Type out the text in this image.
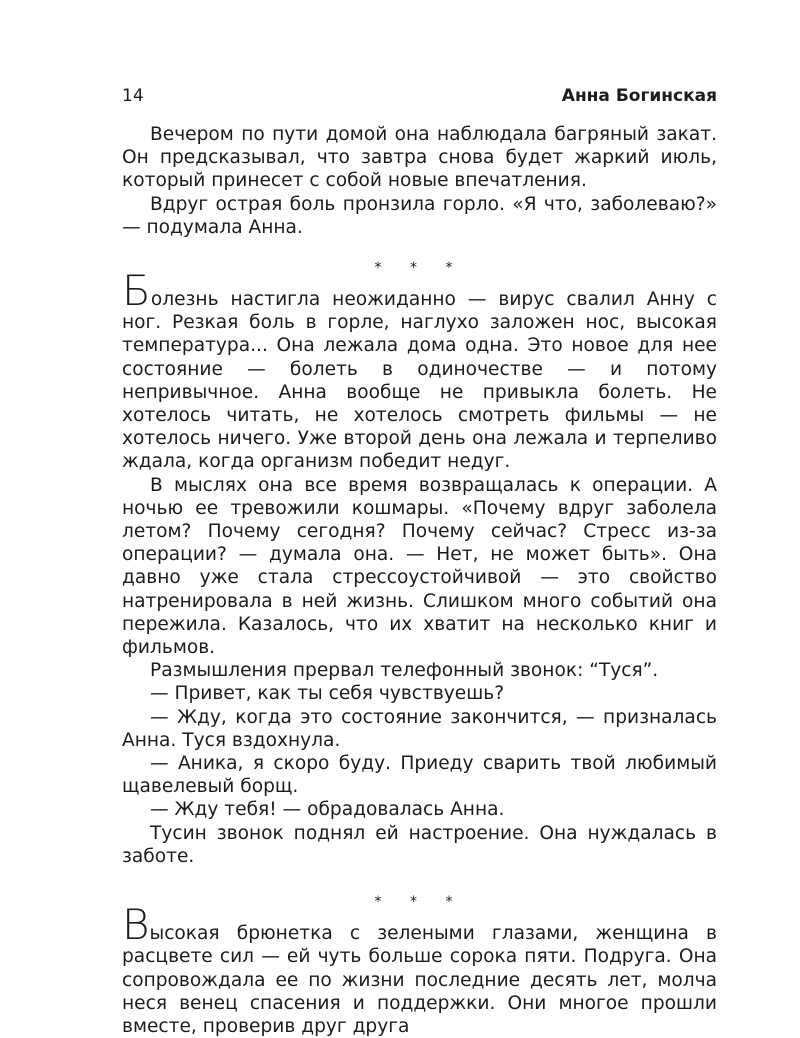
14	Анна Богинская

Вечером по пути домой она наблюдала багряный закат. Он предсказывал, что завтра снова будет жаркий июль, который принесет с собой новые впечатления.

Вдруг острая боль пронзила горло. «Я что, заболеваю?» — подумала Анна.

* * *

Болезнь настигла неожиданно — вирус свалил Анну с ног. Резкая боль в горле, наглухо заложен нос, высокая температура... Она лежала дома одна. Это новое для нее состояние — болеть в одиночестве — и потому непривычное. Анна вообще не привыкла болеть. Не хотелось читать, не хотелось смотреть фильмы — не хотелось ничего. Уже второй день она лежала и терпеливо ждала, когда организм победит недуг.

В мыслях она все время возвращалась к операции. А ночью ее тревожили кошмары. «Почему вдруг заболела летом? Почему сегодня? Почему сейчас? Стресс из-за операции? — думала она. — Нет, не может быть». Она давно уже стала стрессоустойчивой — это свойство натренировала в ней жизнь. Слишком много событий она пережила. Казалось, что их хватит на несколько книг и фильмов.

Размышления прервал телефонный звонок: “Туся”.

— Привет, как ты себя чувствуешь?

— Жду, когда это состояние закончится, — призналась Анна. Туся вздохнула.

— Аника, я скоро буду. Приеду сварить твой любимый щавелевый борщ.

— Жду тебя! — обрадовалась Анна.

Тусин звонок поднял ей настроение. Она нуждалась в заботе.

* * *

Высокая брюнетка с зелеными глазами, женщина в расцвете сил — ей чуть больше сорока пяти. Подруга. Она сопровождала ее по жизни последние десять лет, молча неся венец спасения и поддержки. Они многое прошли вместе, проверив друг друга
